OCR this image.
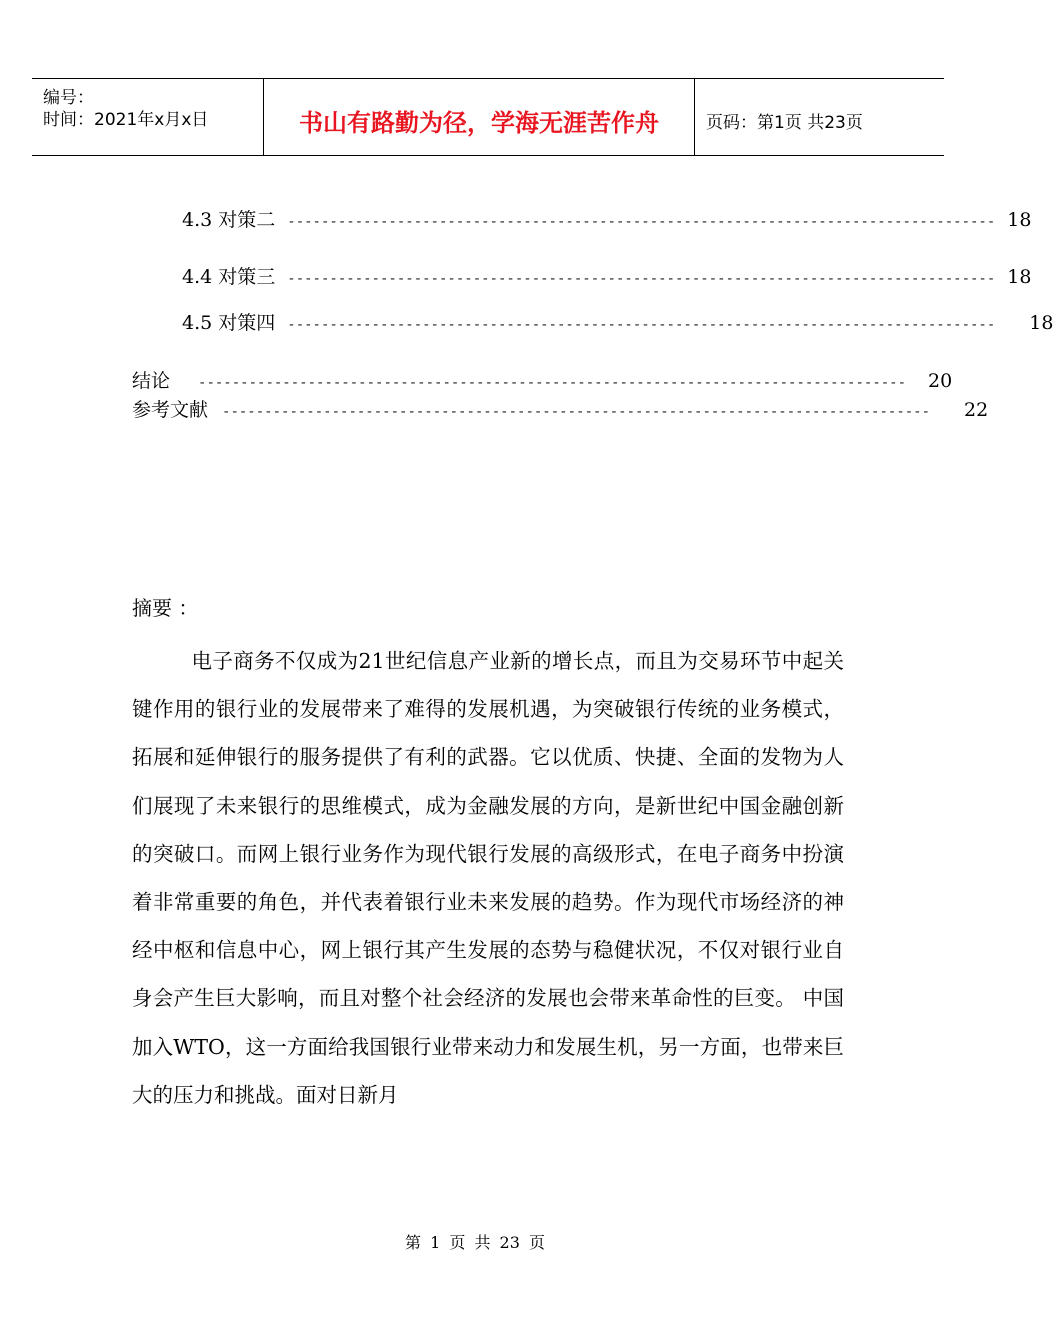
编号：
时间：2021年x月x日	书山有路勤为径，学海无涯苦作舟	页码：第1页 共23页
4.3 对策二 ------------------------------------------------------------------------------------ 18
4.4 对策三 ------------------------------------------------------------------------------------ 18
4.5 对策四 ------------------------------------------------------------------------------------ 18
结论 ------------------------------------------------------------------------------------ 20
参考文献 ------------------------------------------------------------------------------------ 22
摘要 ：

电子商务不仅成为21世纪信息产业新的增长点，而且为交易环节中起关键作用的银行业的发展带来了难得的发展机遇，为突破银行传统的业务模式，拓展和延伸银行的服务提供了有利的武器。它以优质、快捷、全面的发物为人们展现了未来银行的思维模式，成为金融发展的方向，是新世纪中国金融创新的突破口。而网上银行业务作为现代银行发展的高级形式，在电子商务中扮演着非常重要的角色，并代表着银行业未来发展的趋势。作为现代市场经济的神经中枢和信息中心，网上银行其产生发展的态势与稳健状况，不仅对银行业自身会产生巨大影响，而且对整个社会经济的发展也会带来革命性的巨变。 中国加入WTO，这一方面给我国银行业带来动力和发展生机，另一方面，也带来巨大的压力和挑战。面对日新月

第 1 页 共 23 页
